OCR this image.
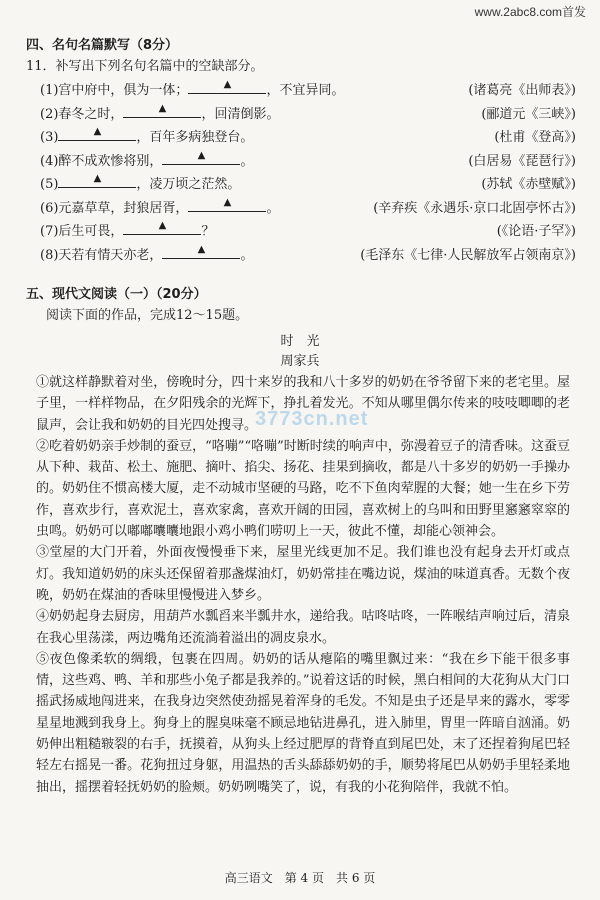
www.2abc8.com首发
四、名句名篇默写（8分）
11．补写出下列名句名篇中的空缺部分。
(1)宫中府中，俱为一体；	▲	，不宜异同。	(诸葛亮《出师表》)
(2)春冬之时，	▲	，回清倒影。	(郦道元《三峡》)
(3)	▲	，百年多病独登台。	(杜甫《登高》)
(4)醉不成欢惨将别，	▲	。	(白居易《琵琶行》)
(5)	▲	，凌万顷之茫然。	(苏轼《赤壁赋》)
(6)元嘉草草，封狼居胥，	▲	。	(辛弃疾《永遇乐·京口北固亭怀古》)
(7)后生可畏，	▲	？	(《论语·子罕》)
(8)天若有情天亦老，	▲	。	(毛泽东《七律·人民解放军占领南京》)
五、现代文阅读（一）（20分）
阅读下面的作品，完成12～15题。
时　光
周家兵
3773cn.net

①就这样静默着对坐，傍晚时分，四十来岁的我和八十多岁的奶奶在爷爷留下来的老宅里。屋子里，一样样物品，在夕阳残余的光辉下，挣扎着发光。不知从哪里偶尔传来的吱吱唧唧的老鼠声，会让我和奶奶的目光四处搜寻。

②吃着奶奶亲手炒制的蚕豆，“咯嘣”“咯嘣”时断时续的响声中，弥漫着豆子的清香味。这蚕豆从下种、栽苗、松土、施肥、摘叶、掐尖、扬花、挂果到摘收，都是八十多岁的奶奶一手操办的。奶奶住不惯高楼大厦，走不动城市坚硬的马路，吃不下鱼肉荤腥的大餐；她一生在乡下劳作，喜欢步行，喜欢泥土，喜欢家禽，喜欢开阔的田园，喜欢树上的乌叫和田野里窸窸窣窣的虫鸣。奶奶可以嘟嘟囔囔地跟小鸡小鸭们唠叨上一天，彼此不懂，却能心领神会。

③堂屋的大门开着，外面夜慢慢垂下来，屋里光线更加不足。我们谁也没有起身去开灯或点灯。我知道奶奶的床头还保留着那盏煤油灯，奶奶常挂在嘴边说，煤油的味道真香。无数个夜晚，奶奶在煤油的香味里慢慢进入梦乡。

④奶奶起身去厨房，用葫芦水瓢舀来半瓢井水，递给我。咕咚咕咚，一阵喉结声响过后，清泉在我心里荡漾，两边嘴角还流淌着溢出的凋皮泉水。

⑤夜色像柔软的绸缎，包裹在四周。奶奶的话从瘪陷的嘴里飘过来：“我在乡下能干很多事情，这些鸡、鸭、羊和那些小兔子都是我养的。”说着这话的时候，黑白相间的大花狗从大门口摇武扬威地闯进来，在我身边突然使劲摇晃着浑身的毛发。不知是虫子还是早来的露水，零零星星地溅到我身上。狗身上的腥臭味毫不顾忌地钻进鼻孔，进入肺里，胃里一阵暗自汹涌。奶奶伸出粗糙皲裂的右手，抚摸着，从狗头上经过肥厚的背脊直到尾巴处，末了还捏着狗尾巴轻轻左右摇晃一番。花狗扭过身躯，用温热的舌头舔舔奶奶的手，顺势将尾巴从奶奶手里轻柔地抽出，摇摆着轻抚奶奶的脸颊。奶奶咧嘴笑了，说，有我的小花狗陪伴，我就不怕。

高三语文　第 4 页　共 6 页
